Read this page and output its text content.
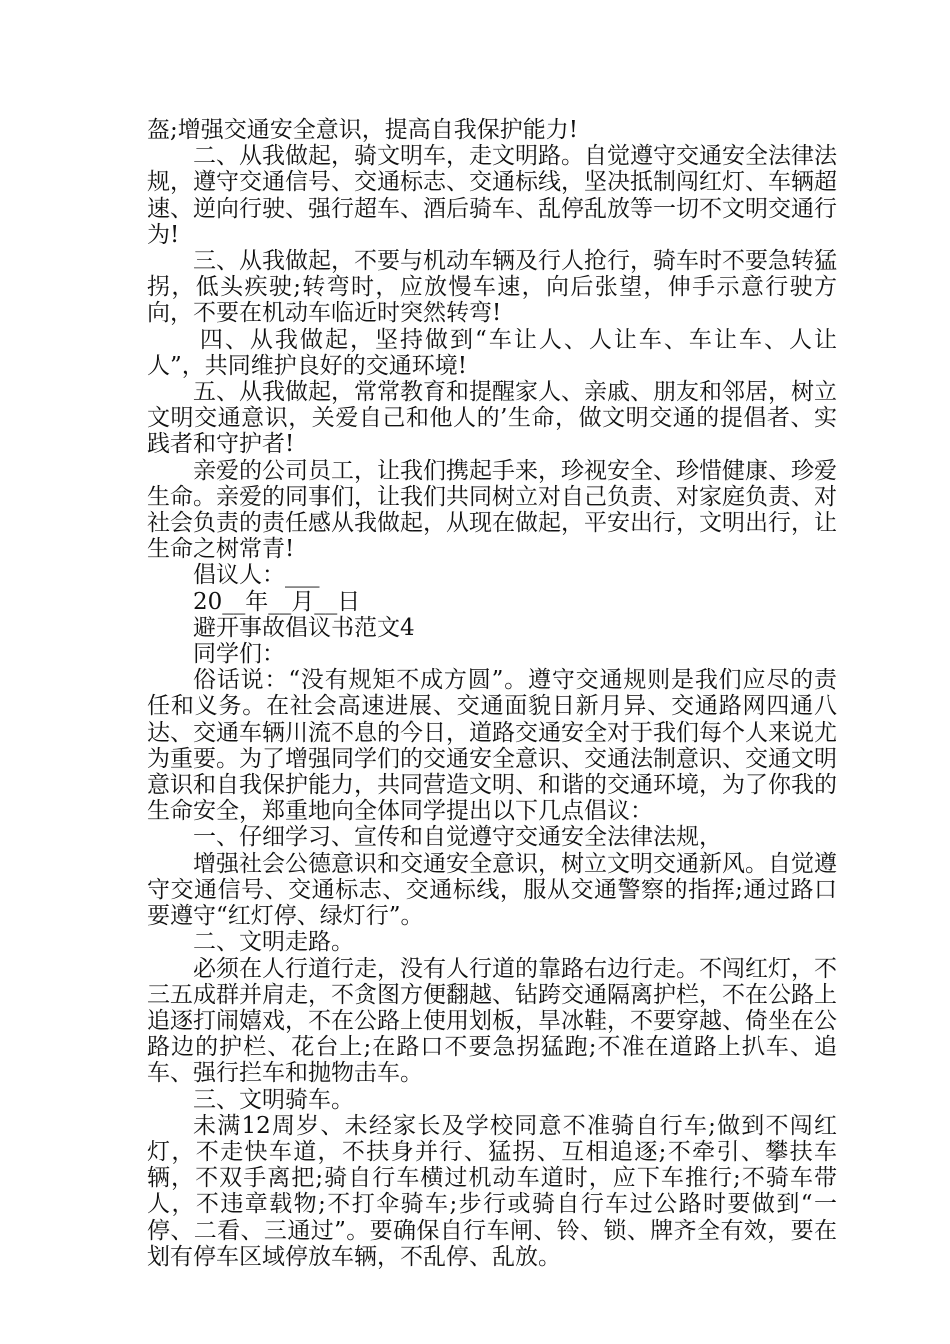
盔;增强交通安全意识，提高自我保护能力!

二、从我做起，骑文明车，走文明路。自觉遵守交通安全法律法规，遵守交通信号、交通标志、交通标线，坚决抵制闯红灯、车辆超速、逆向行驶、强行超车、酒后骑车、乱停乱放等一切不文明交通行为!

三、从我做起，不要与机动车辆及行人抢行，骑车时不要急转猛拐，低头疾驶;转弯时，应放慢车速，向后张望，伸手示意行驶方向，不要在机动车临近时突然转弯!

四、从我做起，坚持做到“车让人、人让车、车让车、人让人”，共同维护良好的交通环境!

五、从我做起，常常教育和提醒家人、亲戚、朋友和邻居，树立文明交通意识，关爱自己和他人的’生命，做文明交通的提倡者、实践者和守护者!

亲爱的公司员工，让我们携起手来，珍视安全、珍惜健康、珍爱生命。亲爱的同事们，让我们共同树立对自己负责、对家庭负责、对社会负责的责任感从我做起，从现在做起，平安出行，文明出行，让生命之树常青!

倡议人：___

20__年__月__日

避开事故倡议书范文4

同学们：

俗话说：“没有规矩不成方圆”。遵守交通规则是我们应尽的责任和义务。在社会高速进展、交通面貌日新月异、交通路网四通八达、交通车辆川流不息的今日，道路交通安全对于我们每个人来说尤为重要。为了增强同学们的交通安全意识、交通法制意识、交通文明意识和自我保护能力，共同营造文明、和谐的交通环境，为了你我的生命安全，郑重地向全体同学提出以下几点倡议：

一、仔细学习、宣传和自觉遵守交通安全法律法规，

增强社会公德意识和交通安全意识，树立文明交通新风。自觉遵守交通信号、交通标志、交通标线，服从交通警察的指挥;通过路口要遵守“红灯停、绿灯行”。

二、文明走路。

必须在人行道行走，没有人行道的靠路右边行走。不闯红灯，不三五成群并肩走，不贪图方便翻越、钻跨交通隔离护栏，不在公路上追逐打闹嬉戏，不在公路上使用划板，旱冰鞋，不要穿越、倚坐在公路边的护栏、花台上;在路口不要急拐猛跑;不准在道路上扒车、追车、强行拦车和抛物击车。

三、文明骑车。

未满12周岁、未经家长及学校同意不准骑自行车;做到不闯红灯，不走快车道，不扶身并行、猛拐、互相追逐;不牵引、攀扶车辆，不双手离把;骑自行车横过机动车道时，应下车推行;不骑车带人，不违章载物;不打伞骑车;步行或骑自行车过公路时要做到“一停、二看、三通过”。要确保自行车闸、铃、锁、牌齐全有效，要在划有停车区域停放车辆，不乱停、乱放。
